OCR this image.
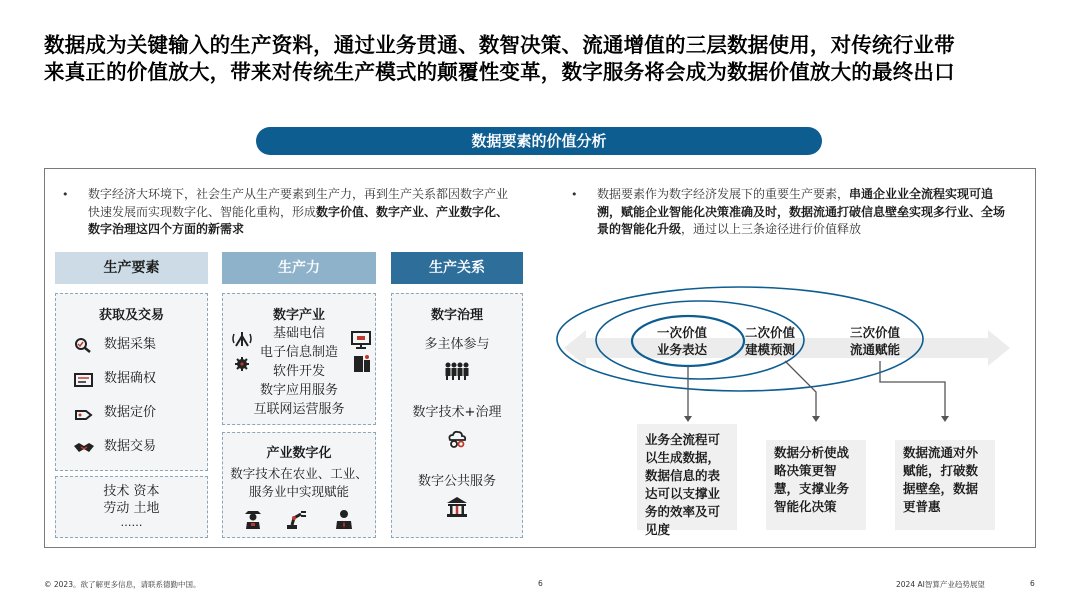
数据成为关键输入的生产资料，通过业务贯通、数智决策、流通增值的三层数据使用，对传统行业带
来真正的价值放大，带来对传统生产模式的颠覆性变革，数字服务将会成为数据价值放大的最终出口
数据要素的价值分析
•	数字经济大环境下，社会生产从生产要素到生产力，再到生产关系都因数字产业快速发展而实现数字化、智能化重构，形成数字价值、数字产业、产业数字化、数字治理这四个方面的新需求
•	数据要素作为数字经济发展下的重要生产要素，串通企业业全流程实现可追溯，赋能企业智能化决策准确及时，数据流通打破信息壁垒实现多行业、全场景的智能化升级，通过以上三条途径进行价值释放
生产要素	生产力	生产关系
获取及交易
数据采集
数据确权
数据定价
数据交易
技术 资本
劳动 土地
……
数字产业
基础电信
电子信息制造
软件开发
数字应用服务
互联网运营服务
产业数字化
数字技术在农业、工业、
服务业中实现赋能
数字治理
多主体参与
数字技术+治理
数字公共服务
一次价值
业务表达
二次价值
建模预测
三次价值
流通赋能
业务全流程可以生成数据，数据信息的表达可以支撑业务的效率及可见度
数据分析使战略决策更智慧，支撑业务智能化决策
数据流通对外赋能，打破数据壁垒，数据更普惠
© 2023。欲了解更多信息，请联系德勤中国。	6	2024 AI智算产业趋势展望	6
